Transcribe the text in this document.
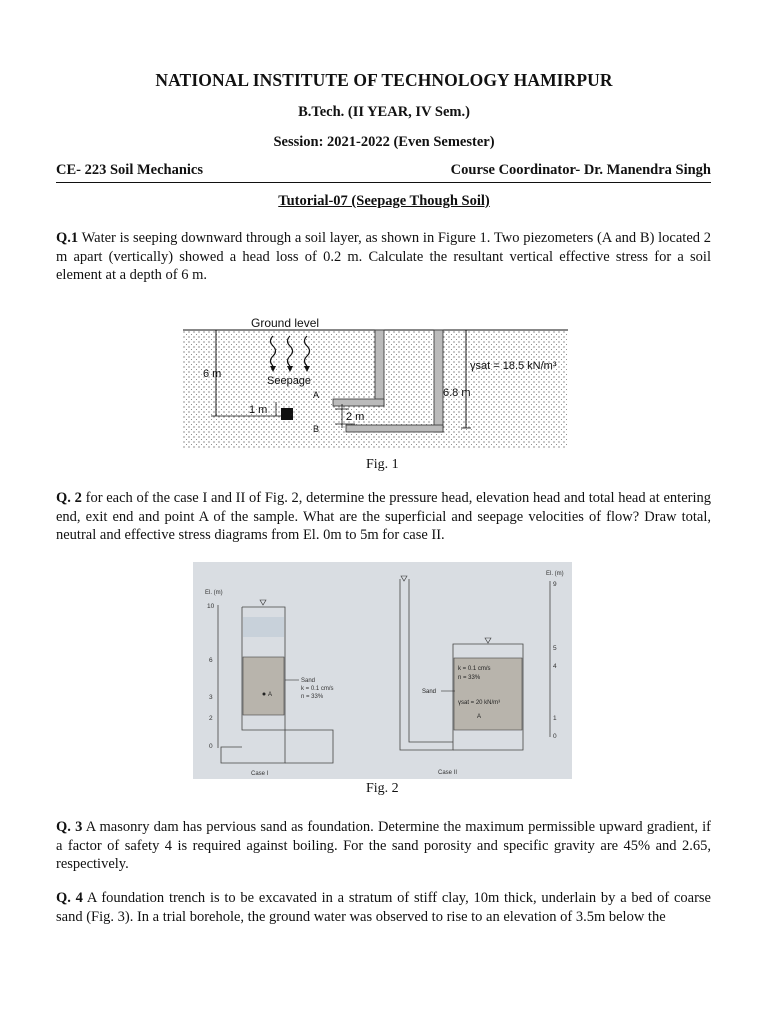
NATIONAL INSTITUTE OF TECHNOLOGY HAMIRPUR
B.Tech. (II YEAR, IV Sem.)
Session: 2021-2022 (Even Semester)
CE- 223 Soil Mechanics	Course Coordinator- Dr. Manendra Singh
Tutorial-07 (Seepage Though Soil)
Q.1 Water is seeping downward through a soil layer, as shown in Figure 1. Two piezometers (A and B) located 2 m apart (vertically) showed a head loss of 0.2 m. Calculate the resultant vertical effective stress for a soil element at a depth of 6 m.
Ground level
Seepage
6 m
1 m
A
B
2 m
6.8 m
γsat = 18.5 kN/m³
Fig. 1
Q. 2 for each of the case I and II of Fig. 2, determine the pressure head, elevation head and total head at entering end, exit end and point A of the sample. What are the superficial and seepage velocities of flow? Draw total, neutral and effective stress diagrams from El. 0m to 5m for case II.
El. (m)
10
6
3
2
0
A
Sand
k = 0.1 cm/s
n = 33%
Case I
k = 0.1 cm/s
n = 33%
γsat = 20 kN/m³
Sand
A
Case II
El. (m)
9
5
4
1
0
Fig. 2
Q. 3 A masonry dam has pervious sand as foundation. Determine the maximum permissible upward gradient, if a factor of safety 4 is required against boiling. For the sand porosity and specific gravity are 45% and 2.65, respectively.
Q. 4 A foundation trench is to be excavated in a stratum of stiff clay, 10m thick, underlain by a bed of coarse sand (Fig. 3). In a trial borehole, the ground water was observed to rise to an elevation of 3.5m below the
